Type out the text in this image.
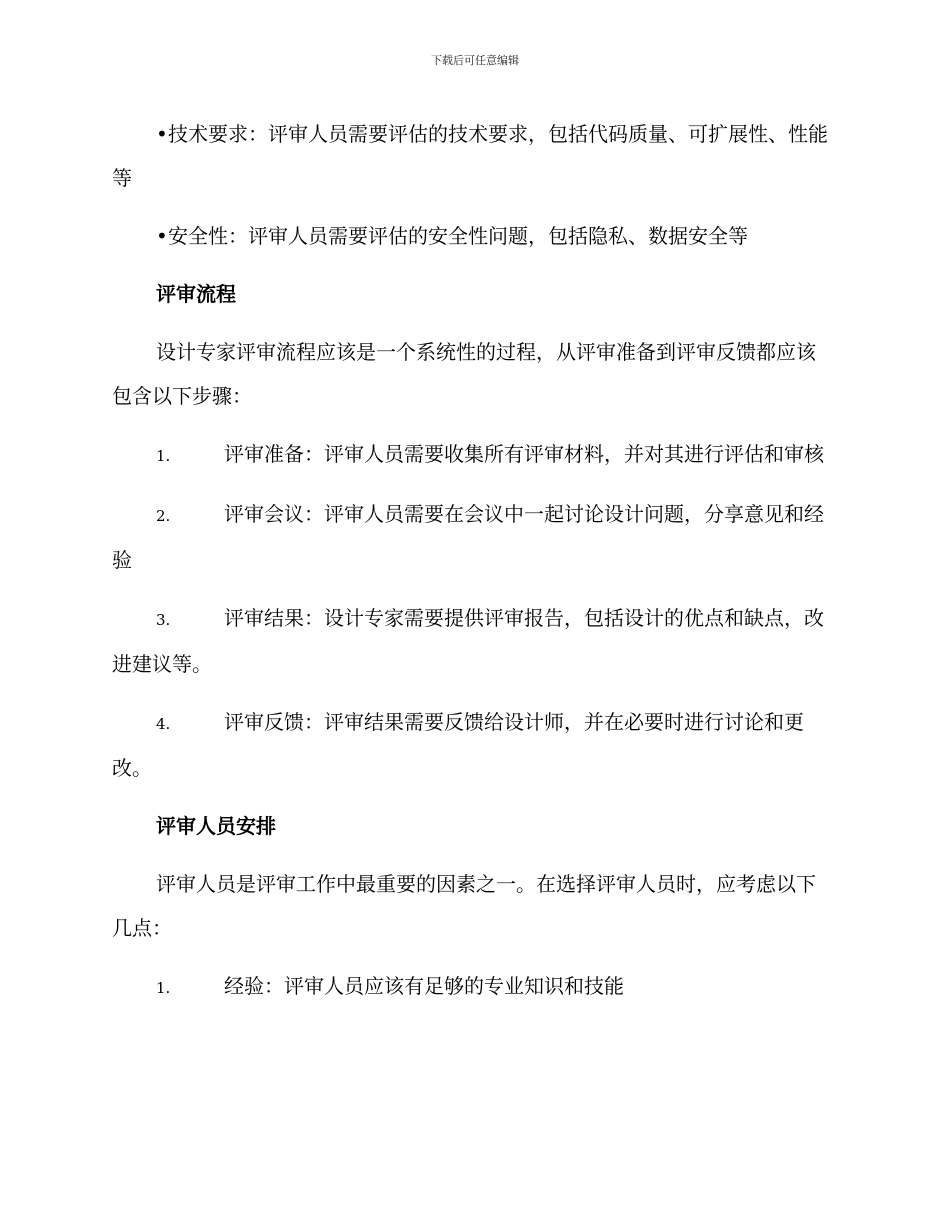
下载后可任意编辑

•技术要求：评审人员需要评估的技术要求，包括代码质量、可扩展性、性能等

•安全性：评审人员需要评估的安全性问题，包括隐私、数据安全等

评审流程

设计专家评审流程应该是一个系统性的过程，从评审准备到评审反馈都应该包含以下步骤：

1.	评审准备：评审人员需要收集所有评审材料，并对其进行评估和审核

2.	评审会议：评审人员需要在会议中一起讨论设计问题，分享意见和经验

3.	评审结果：设计专家需要提供评审报告，包括设计的优点和缺点，改进建议等。

4.	评审反馈：评审结果需要反馈给设计师，并在必要时进行讨论和更改。

评审人员安排

评审人员是评审工作中最重要的因素之一。在选择评审人员时，应考虑以下几点：

1.	经验：评审人员应该有足够的专业知识和技能
